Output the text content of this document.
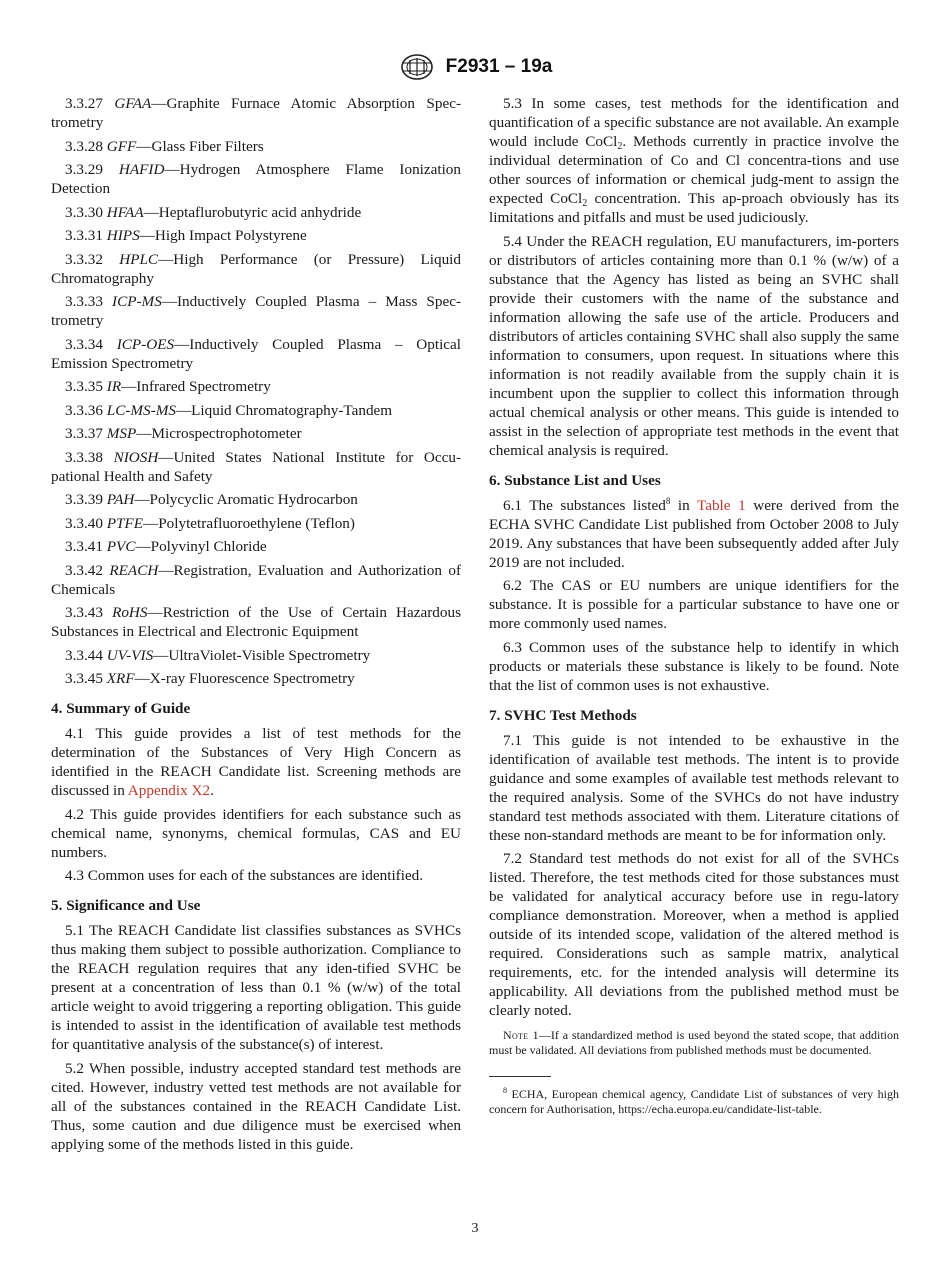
F2931 – 19a

3.3.27 GFAA—Graphite Furnace Atomic Absorption Spec-trometry

3.3.28 GFF—Glass Fiber Filters

3.3.29 HAFID—Hydrogen Atmosphere Flame Ionization Detection

3.3.30 HFAA—Heptaflurobutyric acid anhydride

3.3.31 HIPS—High Impact Polystyrene

3.3.32 HPLC—High Performance (or Pressure) Liquid Chromatography

3.3.33 ICP-MS—Inductively Coupled Plasma – Mass Spec-trometry

3.3.34 ICP-OES—Inductively Coupled Plasma – Optical Emission Spectrometry

3.3.35 IR—Infrared Spectrometry

3.3.36 LC-MS-MS—Liquid Chromatography-Tandem

3.3.37 MSP—Microspectrophotometer

3.3.38 NIOSH—United States National Institute for Occu-pational Health and Safety

3.3.39 PAH—Polycyclic Aromatic Hydrocarbon

3.3.40 PTFE—Polytetrafluoroethylene (Teflon)

3.3.41 PVC—Polyvinyl Chloride

3.3.42 REACH—Registration, Evaluation and Authorization of Chemicals

3.3.43 RoHS—Restriction of the Use of Certain Hazardous Substances in Electrical and Electronic Equipment

3.3.44 UV-VIS—UltraViolet-Visible Spectrometry

3.3.45 XRF—X-ray Fluorescence Spectrometry

4. Summary of Guide

4.1 This guide provides a list of test methods for the determination of the Substances of Very High Concern as identified in the REACH Candidate list. Screening methods are discussed in Appendix X2.

4.2 This guide provides identifiers for each substance such as chemical name, synonyms, chemical formulas, CAS and EU numbers.

4.3 Common uses for each of the substances are identified.

5. Significance and Use

5.1 The REACH Candidate list classifies substances as SVHCs thus making them subject to possible authorization. Compliance to the REACH regulation requires that any iden-tified SVHC be present at a concentration of less than 0.1 % (w/w) of the total article weight to avoid triggering a reporting obligation. This guide is intended to assist in the identification of available test methods for quantitative analysis of the substance(s) of interest.

5.2 When possible, industry accepted standard test methods are cited. However, industry vetted test methods are not available for all of the substances contained in the REACH Candidate List. Thus, some caution and due diligence must be exercised when applying some of the methods listed in this guide.

5.3 In some cases, test methods for the identification and quantification of a specific substance are not available. An example would include CoCl$_2$. Methods currently in practice involve the individual determination of Co and Cl concentra-tions and use other sources of information or chemical judg-ment to assign the expected CoCl$_2$ concentration. This ap-proach obviously has its limitations and pitfalls and must be used judiciously.

5.4 Under the REACH regulation, EU manufacturers, im-porters or distributors of articles containing more than 0.1 % (w/w) of a substance that the Agency has listed as being an SVHC shall provide their customers with the name of the substance and information allowing the safe use of the article. Producers and distributors of articles containing SVHC shall also supply the same information to consumers, upon request. In situations where this information is not readily available from the supply chain it is incumbent upon the supplier to collect this information through actual chemical analysis or other means. This guide is intended to assist in the selection of appropriate test methods in the event that chemical analysis is required.

6. Substance List and Uses

6.1 The substances listed$^8$ in Table 1 were derived from the ECHA SVHC Candidate List published from October 2008 to July 2019. Any substances that have been subsequently added after July 2019 are not included.

6.2 The CAS or EU numbers are unique identifiers for the substance. It is possible for a particular substance to have one or more commonly used names.

6.3 Common uses of the substance help to identify in which products or materials these substance is likely to be found. Note that the list of common uses is not exhaustive.

7. SVHC Test Methods

7.1 This guide is not intended to be exhaustive in the identification of available test methods. The intent is to provide guidance and some examples of available test methods relevant to the required analysis. Some of the SVHCs do not have industry standard test methods associated with them. Literature citations of these non-standard methods are meant to be for information only.

7.2 Standard test methods do not exist for all of the SVHCs listed. Therefore, the test methods cited for those substances must be validated for analytical accuracy before use in regu-latory compliance demonstration. Moreover, when a method is applied outside of its intended scope, validation of the altered method is required. Considerations such as sample matrix, analytical requirements, etc. for the intended analysis will determine its applicability. All deviations from the published method must be clearly noted.

Note 1—If a standardized method is used beyond the stated scope, that addition must be validated. All deviations from published methods must be documented.

$^8$ ECHA, European chemical agency, Candidate List of substances of very high concern for Authorisation, https://echa.europa.eu/candidate-list-table.

3
